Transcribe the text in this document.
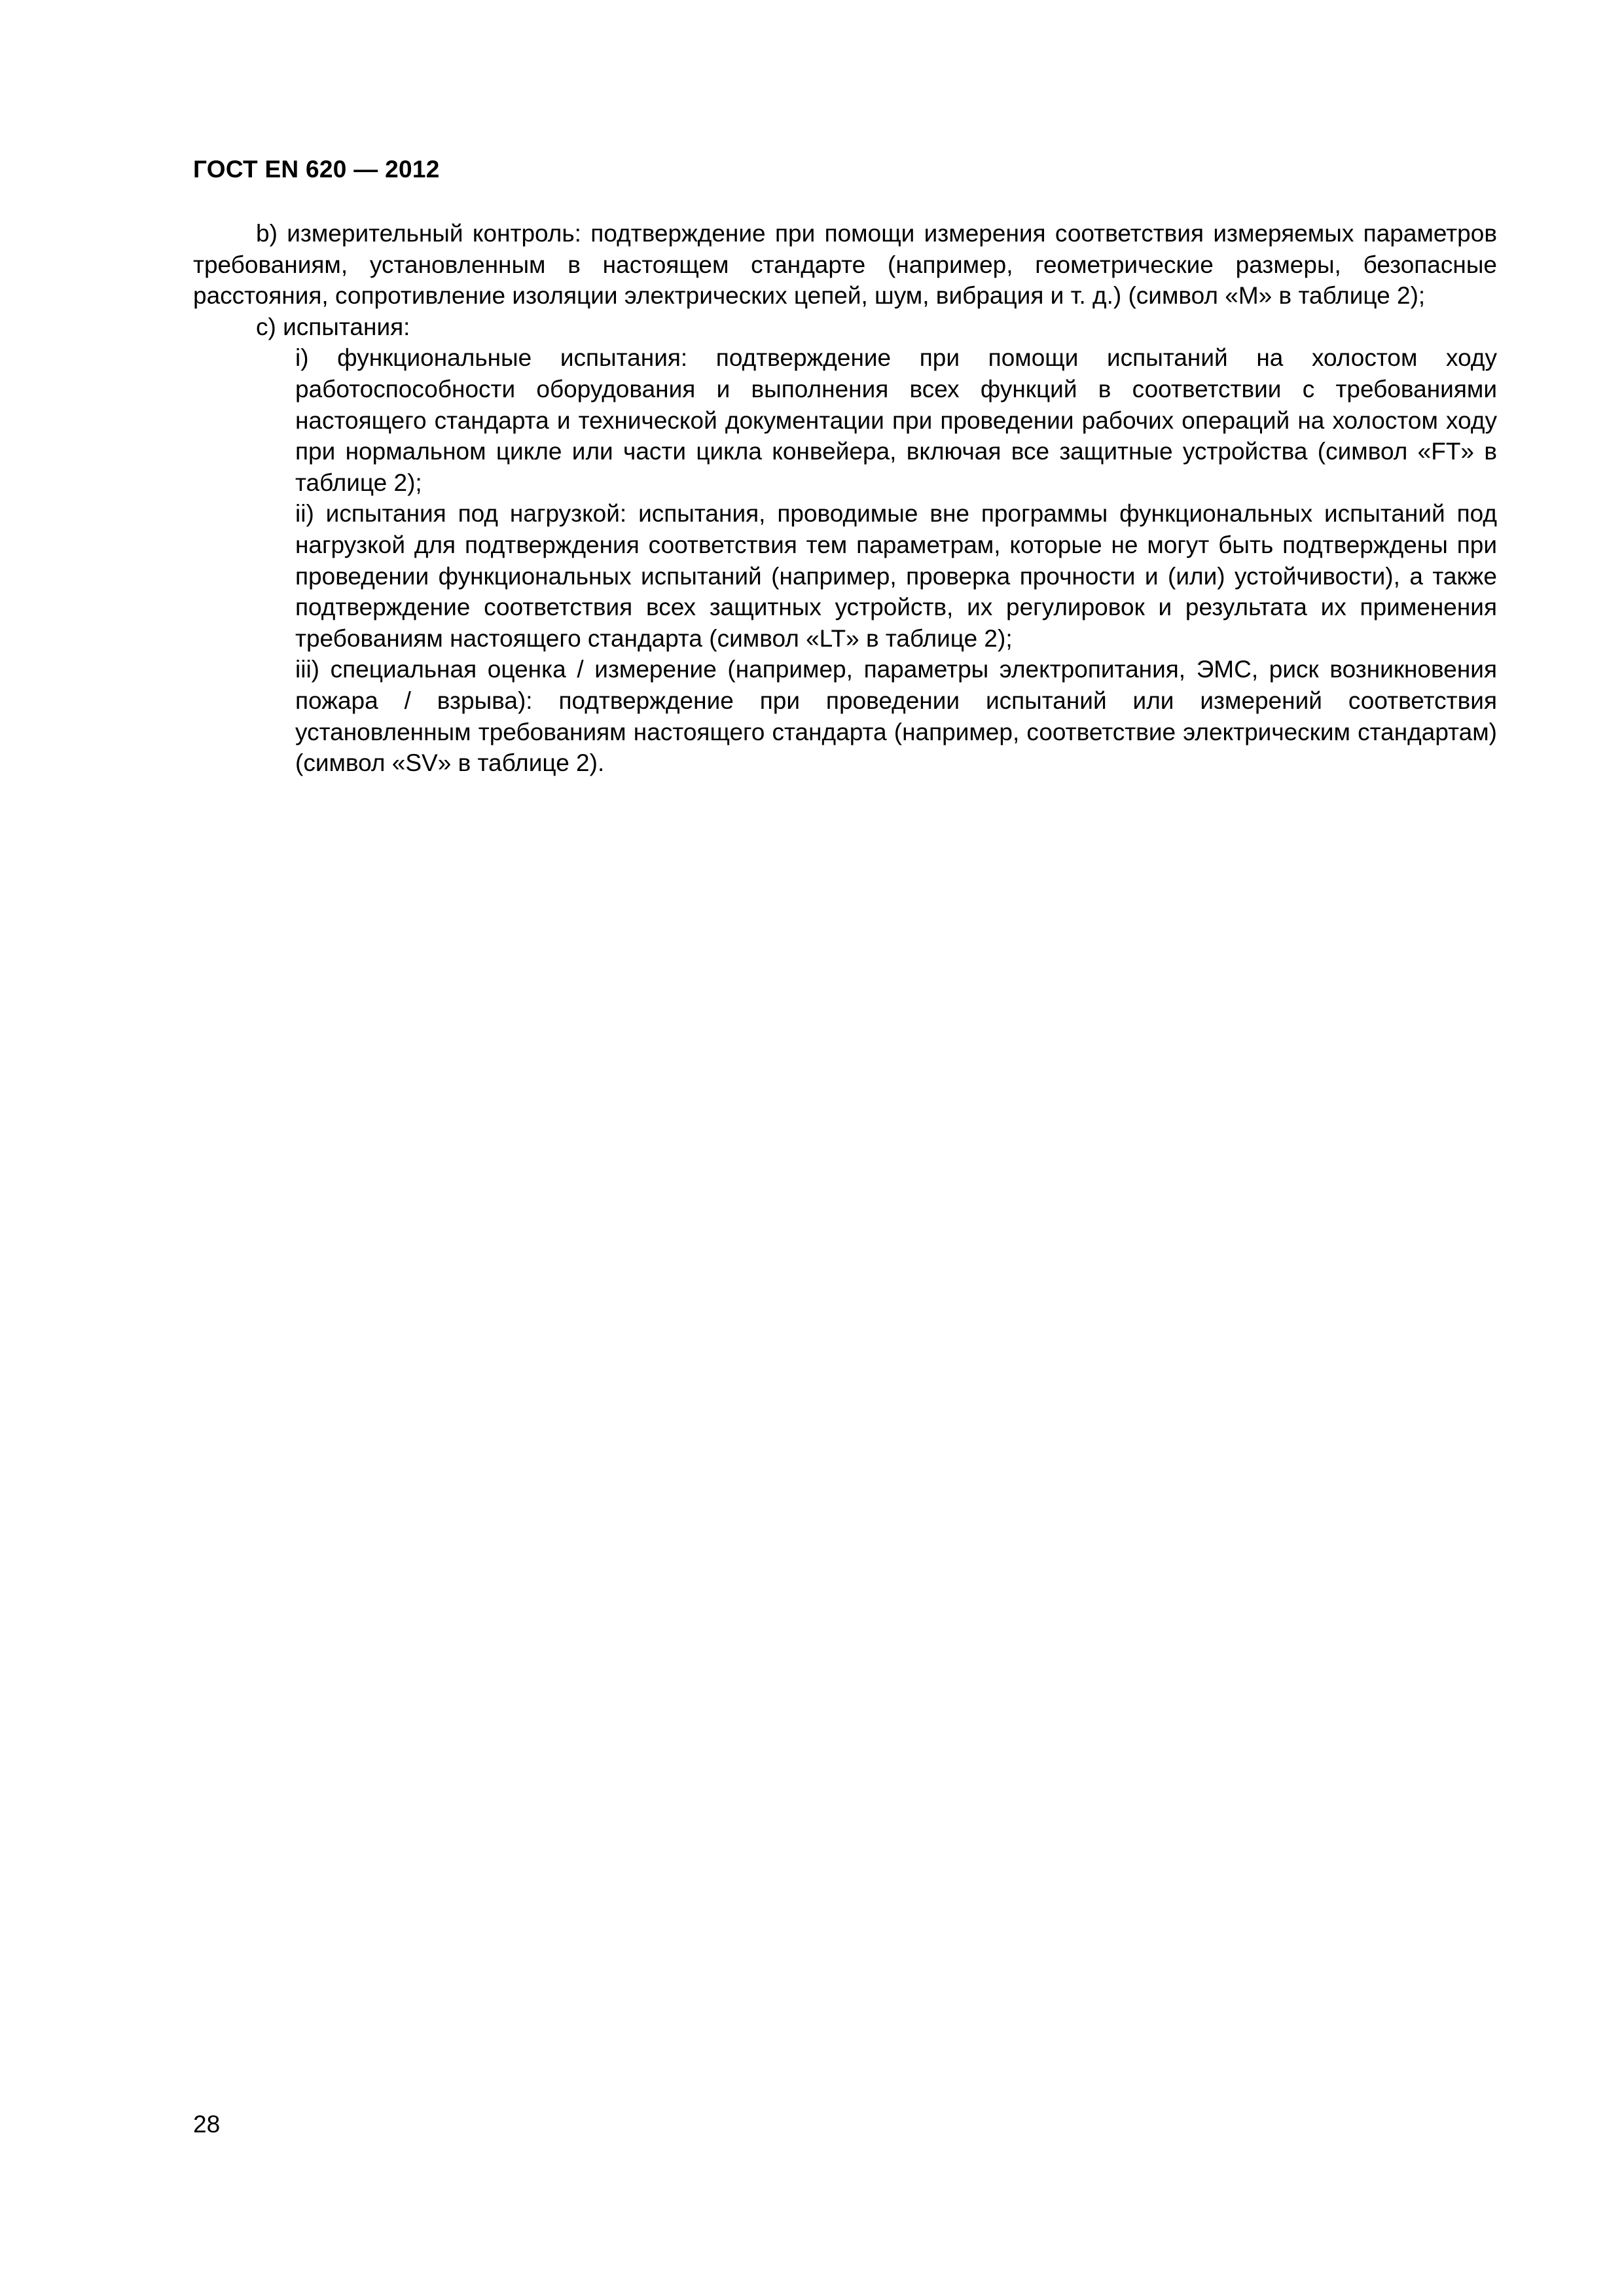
ГОСТ EN 620 — 2012

b) измерительный контроль: подтверждение при помощи измерения соответствия измеряемых параметров требованиям, установленным в настоящем стандарте (например, геометрические размеры, безопасные расстояния, сопротивление изоляции электрических цепей, шум, вибрация и т. д.) (символ «М» в таблице 2);

c) испытания:

i) функциональные испытания: подтверждение при помощи испытаний на холостом ходу работоспособности оборудования и выполнения всех функций в соответствии с требованиями настоящего стандарта и технической документации при проведении рабочих операций на холостом ходу при нормальном цикле или части цикла конвейера, включая все защитные устройства (символ «FT» в таблице 2);

ii) испытания под нагрузкой: испытания, проводимые вне программы функциональных испытаний под нагрузкой для подтверждения соответствия тем параметрам, которые не могут быть подтверждены при проведении функциональных испытаний (например, проверка прочности и (или) устойчивости), а также подтверждение соответствия всех защитных устройств, их регулировок и результата их применения требованиям настоящего стандарта (символ «LT» в таблице 2);

iii) специальная оценка / измерение (например, параметры электропитания, ЭМС, риск возникновения пожара / взрыва): подтверждение при проведении испытаний или измерений соответствия установленным требованиям настоящего стандарта (например, соответствие электрическим стандартам) (символ «SV» в таблице 2).

28
